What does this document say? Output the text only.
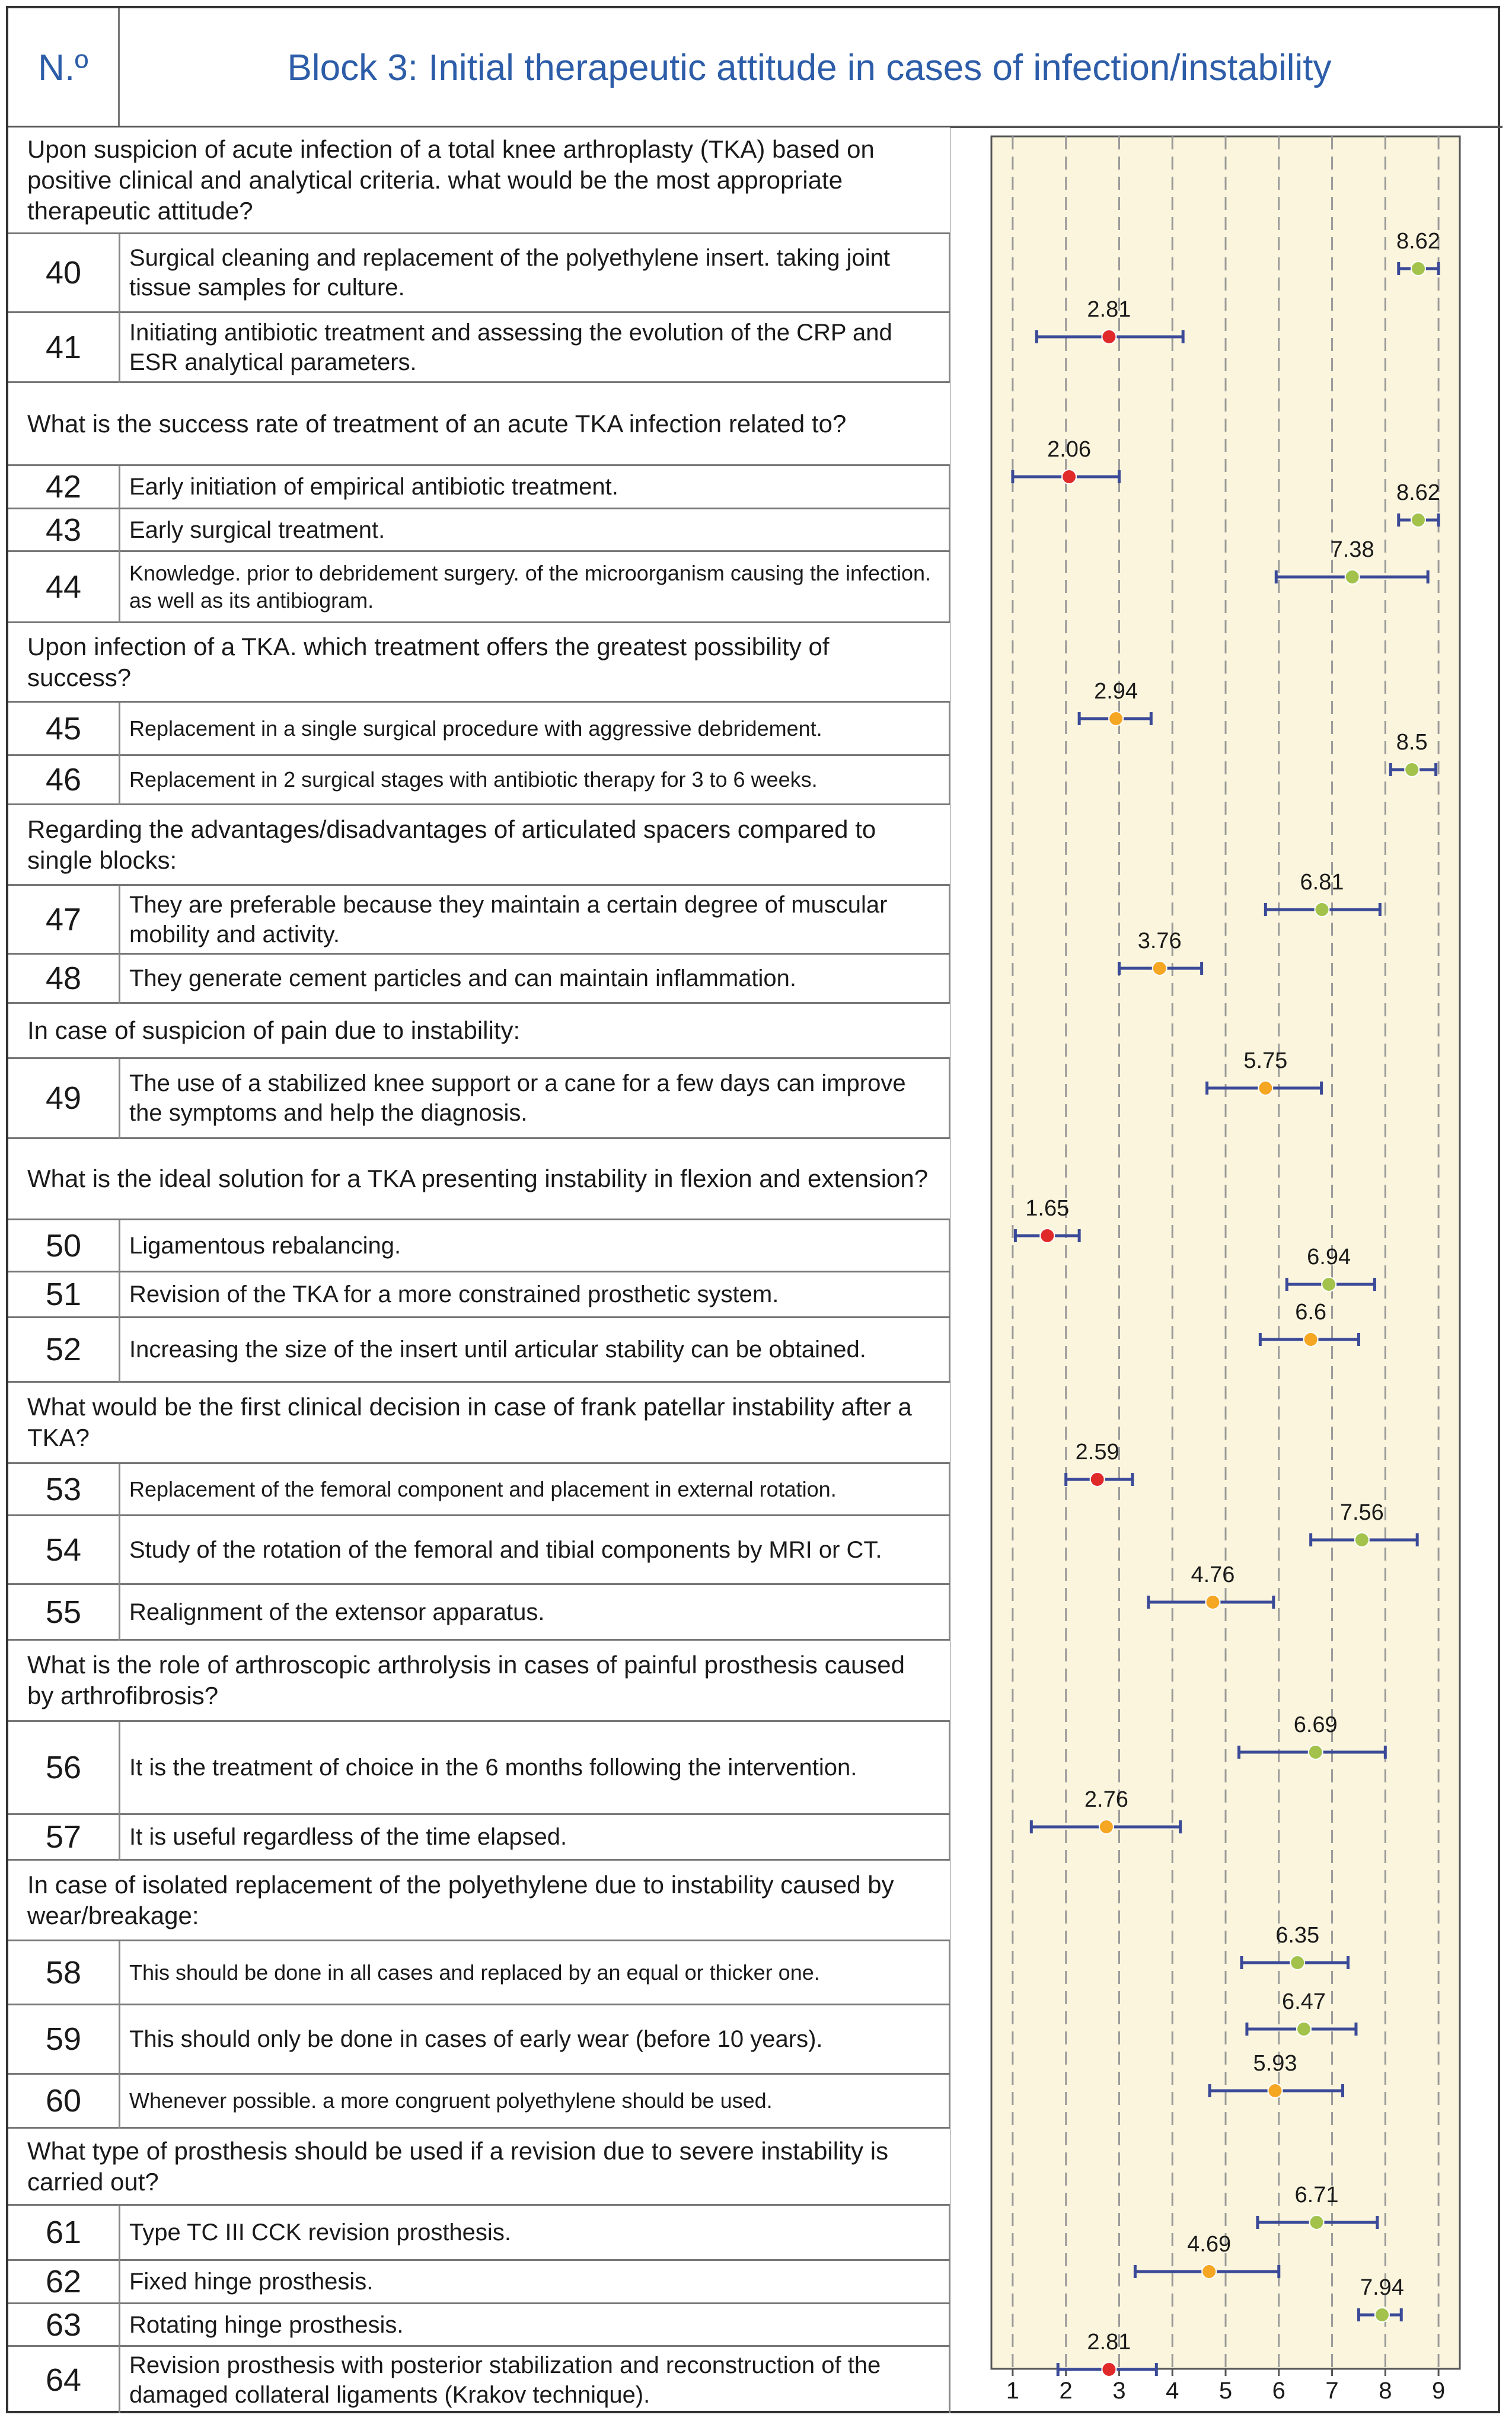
N.º	Block 3: Initial therapeutic attitude in cases of infection/instability
Upon suspicion of acute infection of a total knee arthroplasty (TKA) based on positive clinical and analytical criteria. what would be the most appropriate therapeutic attitude?
40	Surgical cleaning and replacement of the polyethylene insert. taking joint tissue samples for culture.
41	Initiating antibiotic treatment and assessing the evolution of the CRP and ESR analytical parameters.
What is the success rate of treatment of an acute TKA infection related to?
42	Early initiation of empirical antibiotic treatment.
43	Early surgical treatment.
44	Knowledge. prior to debridement surgery. of the microorganism causing the infection. as well as its antibiogram.
Upon infection of a TKA. which treatment offers the greatest possibility of success?
45	Replacement in a single surgical procedure with aggressive debridement.
46	Replacement in 2 surgical stages with antibiotic therapy for 3 to 6 weeks.
Regarding the advantages/disadvantages of articulated spacers compared to single blocks:
47	They are preferable because they maintain a certain degree of muscular mobility and activity.
48	They generate cement particles and can maintain inflammation.
In case of suspicion of pain due to instability:
49	The use of a stabilized knee support or a cane for a few days can improve the symptoms and help the diagnosis.
What is the ideal solution for a TKA presenting instability in flexion and extension?
50	Ligamentous rebalancing.
51	Revision of the TKA for a more constrained prosthetic system.
52	Increasing the size of the insert until articular stability can be obtained.
What would be the first clinical decision in case of frank patellar instability after a TKA?
53	Replacement of the femoral component and placement in external rotation.
54	Study of the rotation of the femoral and tibial components by MRI or CT.
55	Realignment of the extensor apparatus.
What is the role of arthroscopic arthrolysis in cases of painful prosthesis caused by arthrofibrosis?
56	It is the treatment of choice in the 6 months following the intervention.
57	It is useful regardless of the time elapsed.
In case of isolated replacement of the polyethylene due to instability caused by wear/breakage:
58	This should be done in all cases and replaced by an equal or thicker one.
59	This should only be done in cases of early wear (before 10 years).
60	Whenever possible. a more congruent polyethylene should be used.
What type of prosthesis should be used if a revision due to severe instability is carried out?
61	Type TC III CCK revision prosthesis.
62	Fixed hinge prosthesis.
63	Rotating hinge prosthesis.
64	Revision prosthesis with posterior stabilization and reconstruction of the damaged collateral ligaments (Krakov technique).	1 2 3 4 5 6 7 8 9
8.62
2.81
2.06
8.62
7.38
2.94
8.5
6.81
3.76
5.75
1.65
6.94
6.6
2.59
7.56
4.76
6.69
2.76
6.35
6.47
5.93
6.71
4.69
7.94
2.81
